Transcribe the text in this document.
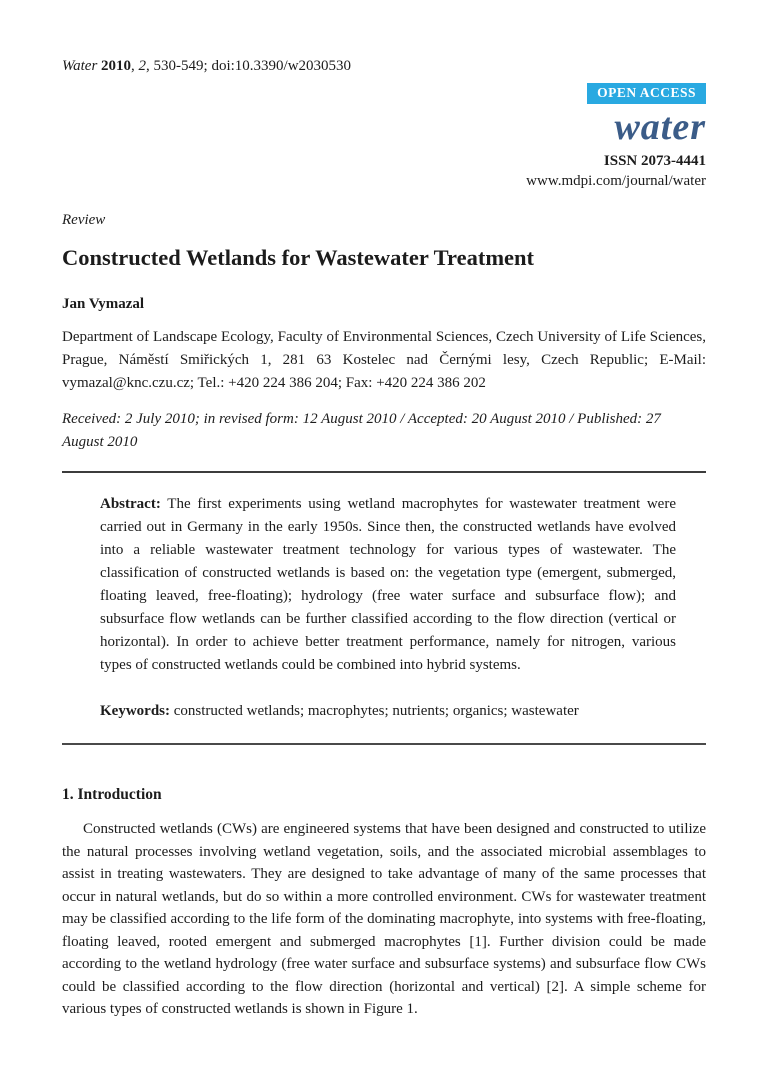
Water 2010, 2, 530-549; doi:10.3390/w2030530
OPEN ACCESS
water
ISSN 2073-4441
www.mdpi.com/journal/water
Review
Constructed Wetlands for Wastewater Treatment
Jan Vymazal

Department of Landscape Ecology, Faculty of Environmental Sciences, Czech University of Life Sciences, Prague, Náměstí Smiřických 1, 281 63 Kostelec nad Černými lesy, Czech Republic; E-Mail: vymazal@knc.czu.cz; Tel.: +420 224 386 204; Fax: +420 224 386 202

Received: 2 July 2010; in revised form: 12 August 2010 / Accepted: 20 August 2010 / Published: 27 August 2010

Abstract: The first experiments using wetland macrophytes for wastewater treatment were carried out in Germany in the early 1950s. Since then, the constructed wetlands have evolved into a reliable wastewater treatment technology for various types of wastewater. The classification of constructed wetlands is based on: the vegetation type (emergent, submerged, floating leaved, free-floating); hydrology (free water surface and subsurface flow); and subsurface flow wetlands can be further classified according to the flow direction (vertical or horizontal). In order to achieve better treatment performance, namely for nitrogen, various types of constructed wetlands could be combined into hybrid systems.

Keywords: constructed wetlands; macrophytes; nutrients; organics; wastewater

1. Introduction

Constructed wetlands (CWs) are engineered systems that have been designed and constructed to utilize the natural processes involving wetland vegetation, soils, and the associated microbial assemblages to assist in treating wastewaters. They are designed to take advantage of many of the same processes that occur in natural wetlands, but do so within a more controlled environment. CWs for wastewater treatment may be classified according to the life form of the dominating macrophyte, into systems with free-floating, floating leaved, rooted emergent and submerged macrophytes [1]. Further division could be made according to the wetland hydrology (free water surface and subsurface systems) and subsurface flow CWs could be classified according to the flow direction (horizontal and vertical) [2]. A simple scheme for various types of constructed wetlands is shown in Figure 1.
